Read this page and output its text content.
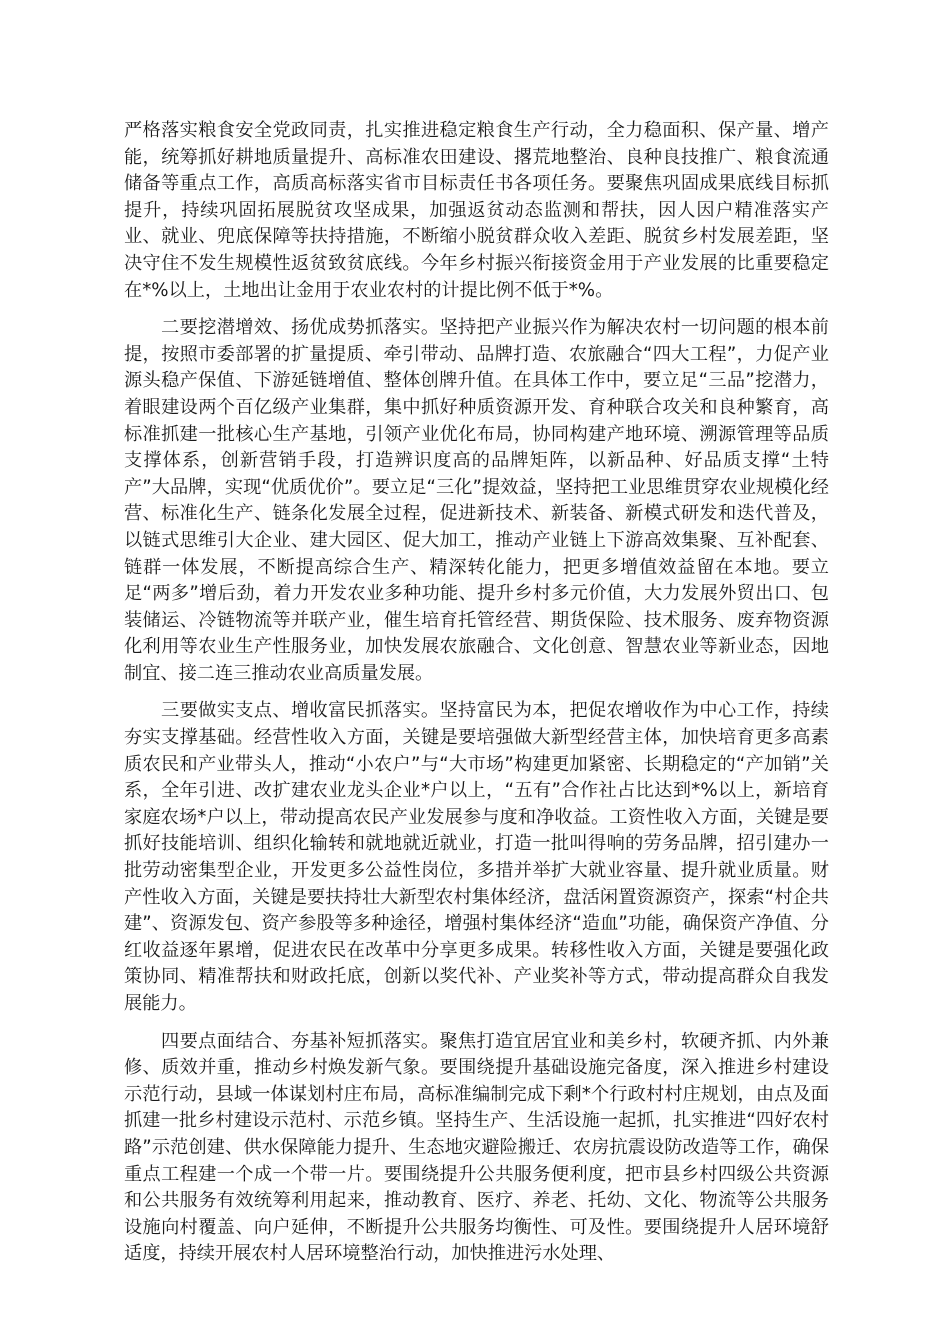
严格落实粮食安全党政同责，扎实推进稳定粮食生产行动，全力稳面积、保产量、增产能，统筹抓好耕地质量提升、高标准农田建设、撂荒地整治、良种良技推广、粮食流通储备等重点工作，高质高标落实省市目标责任书各项任务。要聚焦巩固成果底线目标抓提升，持续巩固拓展脱贫攻坚成果，加强返贫动态监测和帮扶，因人因户精准落实产业、就业、兜底保障等扶持措施，不断缩小脱贫群众收入差距、脱贫乡村发展差距，坚决守住不发生规模性返贫致贫底线。今年乡村振兴衔接资金用于产业发展的比重要稳定在*%以上，土地出让金用于农业农村的计提比例不低于*%。

二要挖潜增效、扬优成势抓落实。坚持把产业振兴作为解决农村一切问题的根本前提，按照市委部署的扩量提质、牵引带动、品牌打造、农旅融合“四大工程”，力促产业源头稳产保值、下游延链增值、整体创牌升值。在具体工作中，要立足“三品”挖潜力，着眼建设两个百亿级产业集群，集中抓好种质资源开发、育种联合攻关和良种繁育，高标准抓建一批核心生产基地，引领产业优化布局，协同构建产地环境、溯源管理等品质支撑体系，创新营销手段，打造辨识度高的品牌矩阵，以新品种、好品质支撑“土特产”大品牌，实现“优质优价”。要立足“三化”提效益，坚持把工业思维贯穿农业规模化经营、标准化生产、链条化发展全过程，促进新技术、新装备、新模式研发和迭代普及，以链式思维引大企业、建大园区、促大加工，推动产业链上下游高效集聚、互补配套、链群一体发展，不断提高综合生产、精深转化能力，把更多增值效益留在本地。要立足“两多”增后劲，着力开发农业多种功能、提升乡村多元价值，大力发展外贸出口、包装储运、冷链物流等并联产业，催生培育托管经营、期货保险、技术服务、废弃物资源化利用等农业生产性服务业，加快发展农旅融合、文化创意、智慧农业等新业态，因地制宜、接二连三推动农业高质量发展。

三要做实支点、增收富民抓落实。坚持富民为本，把促农增收作为中心工作，持续夯实支撑基础。经营性收入方面，关键是要培强做大新型经营主体，加快培育更多高素质农民和产业带头人，推动“小农户”与“大市场”构建更加紧密、长期稳定的“产加销”关系，全年引进、改扩建农业龙头企业*户以上，“五有”合作社占比达到*%以上，新培育家庭农场*户以上，带动提高农民产业发展参与度和净收益。工资性收入方面，关键是要抓好技能培训、组织化输转和就地就近就业，打造一批叫得响的劳务品牌，招引建办一批劳动密集型企业，开发更多公益性岗位，多措并举扩大就业容量、提升就业质量。财产性收入方面，关键是要扶持壮大新型农村集体经济，盘活闲置资源资产，探索“村企共建”、资源发包、资产参股等多种途径，增强村集体经济“造血”功能，确保资产净值、分红收益逐年累增，促进农民在改革中分享更多成果。转移性收入方面，关键是要强化政策协同、精准帮扶和财政托底，创新以奖代补、产业奖补等方式，带动提高群众自我发展能力。

四要点面结合、夯基补短抓落实。聚焦打造宜居宜业和美乡村，软硬齐抓、内外兼修、质效并重，推动乡村焕发新气象。要围绕提升基础设施完备度，深入推进乡村建设示范行动，县域一体谋划村庄布局，高标准编制完成下剩*个行政村村庄规划，由点及面抓建一批乡村建设示范村、示范乡镇。坚持生产、生活设施一起抓，扎实推进“四好农村路”示范创建、供水保障能力提升、生态地灾避险搬迁、农房抗震设防改造等工作，确保重点工程建一个成一个带一片。要围绕提升公共服务便利度，把市县乡村四级公共资源和公共服务有效统筹利用起来，推动教育、医疗、养老、托幼、文化、物流等公共服务设施向村覆盖、向户延伸，不断提升公共服务均衡性、可及性。要围绕提升人居环境舒适度，持续开展农村人居环境整治行动，加快推进污水处理、
